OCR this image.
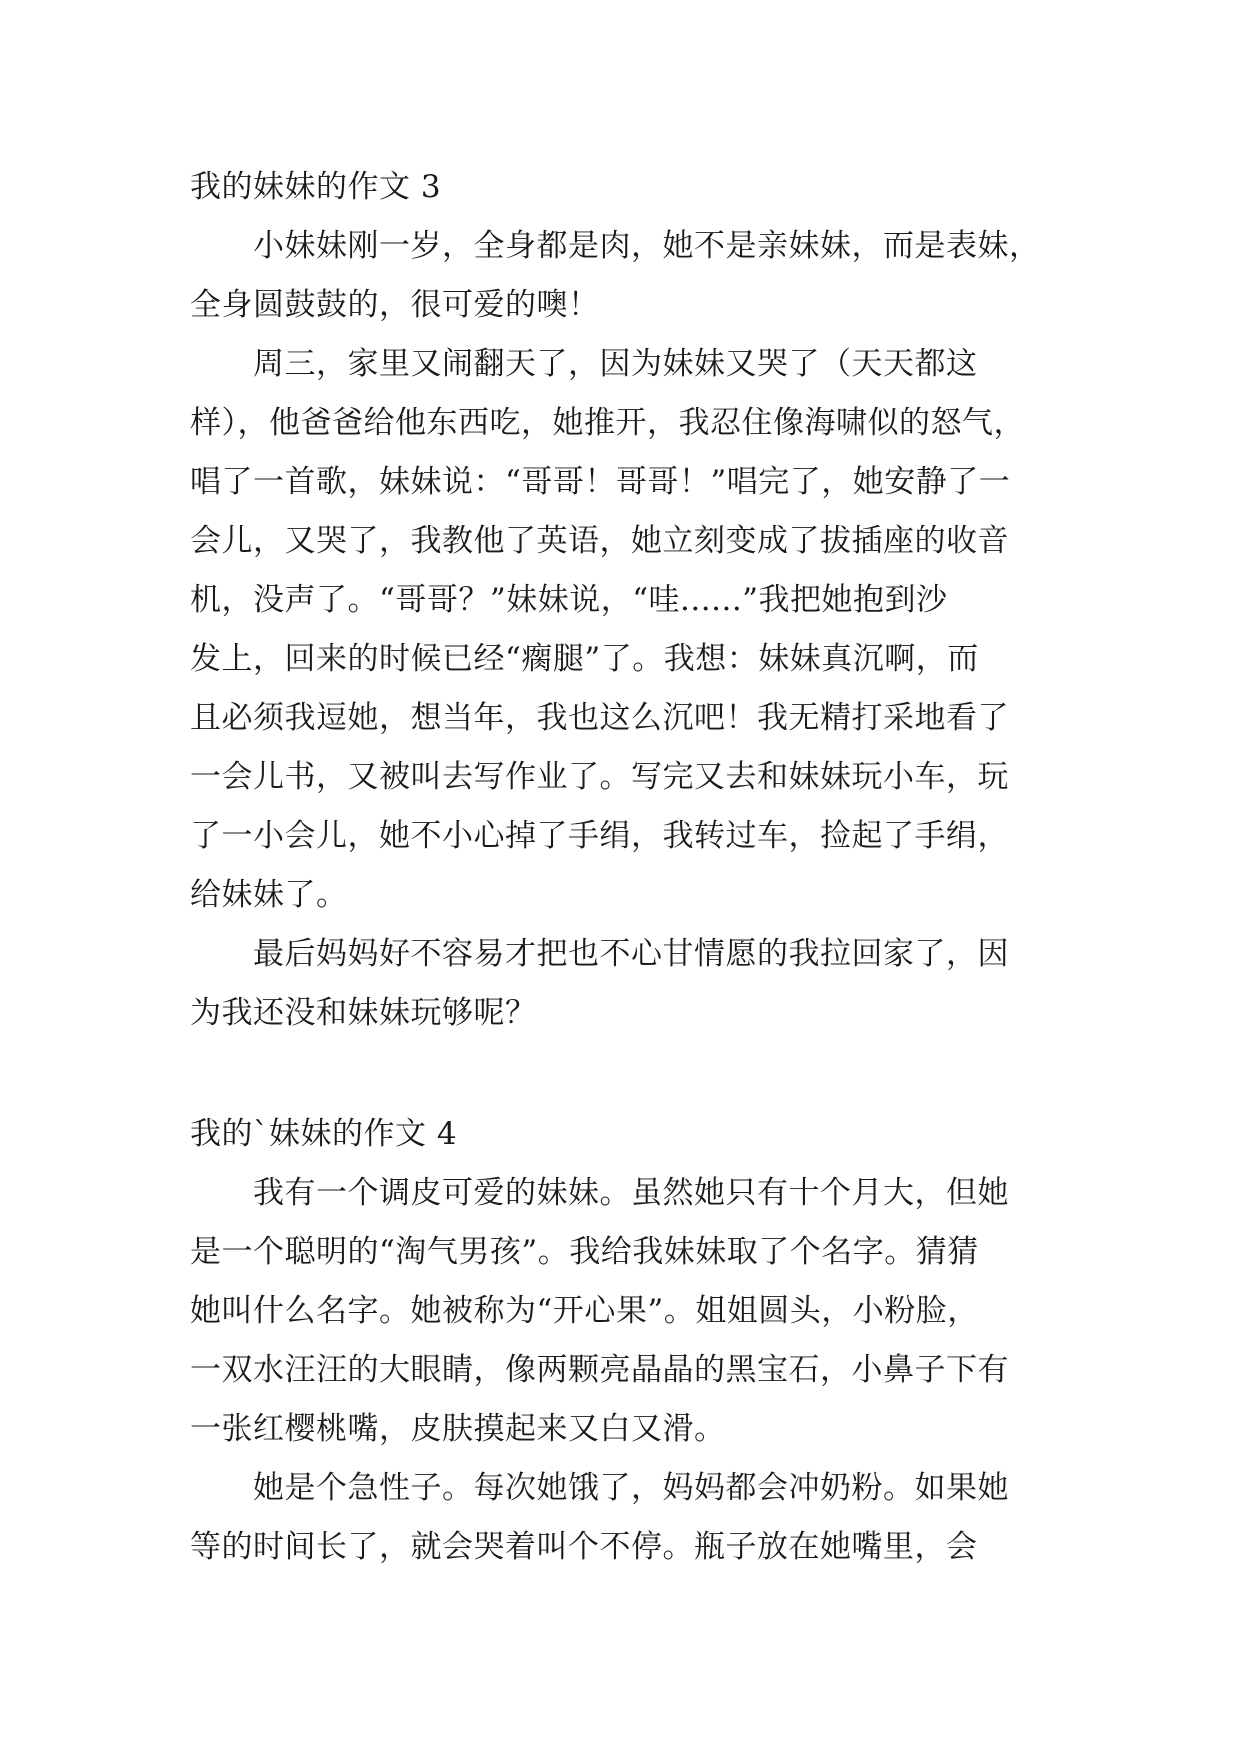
我的妹妹的作文 3
小妹妹刚一岁，全身都是肉，她不是亲妹妹，而是表妹，
全身圆鼓鼓的，很可爱的噢！
周三，家里又闹翻天了，因为妹妹又哭了（天天都这
样），他爸爸给他东西吃，她推开，我忍住像海啸似的怒气，
唱了一首歌，妹妹说：“哥哥！哥哥！”唱完了，她安静了一
会儿，又哭了，我教他了英语，她立刻变成了拔插座的收音
机，没声了。“哥哥？”妹妹说，“哇......”我把她抱到沙
发上，回来的时候已经“瘸腿”了。我想：妹妹真沉啊，而
且必须我逗她，想当年，我也这么沉吧！我无精打采地看了
一会儿书，又被叫去写作业了。写完又去和妹妹玩小车，玩
了一小会儿，她不小心掉了手绢，我转过车，捡起了手绢，
给妹妹了。
最后妈妈好不容易才把也不心甘情愿的我拉回家了，因
为我还没和妹妹玩够呢？
我的`妹妹的作文 4
我有一个调皮可爱的妹妹。虽然她只有十个月大，但她
是一个聪明的“淘气男孩”。我给我妹妹取了个名字。猜猜
她叫什么名字。她被称为“开心果”。姐姐圆头，小粉脸，
一双水汪汪的大眼睛，像两颗亮晶晶的黑宝石，小鼻子下有
一张红樱桃嘴，皮肤摸起来又白又滑。
她是个急性子。每次她饿了，妈妈都会冲奶粉。如果她
等的时间长了，就会哭着叫个不停。瓶子放在她嘴里，会
